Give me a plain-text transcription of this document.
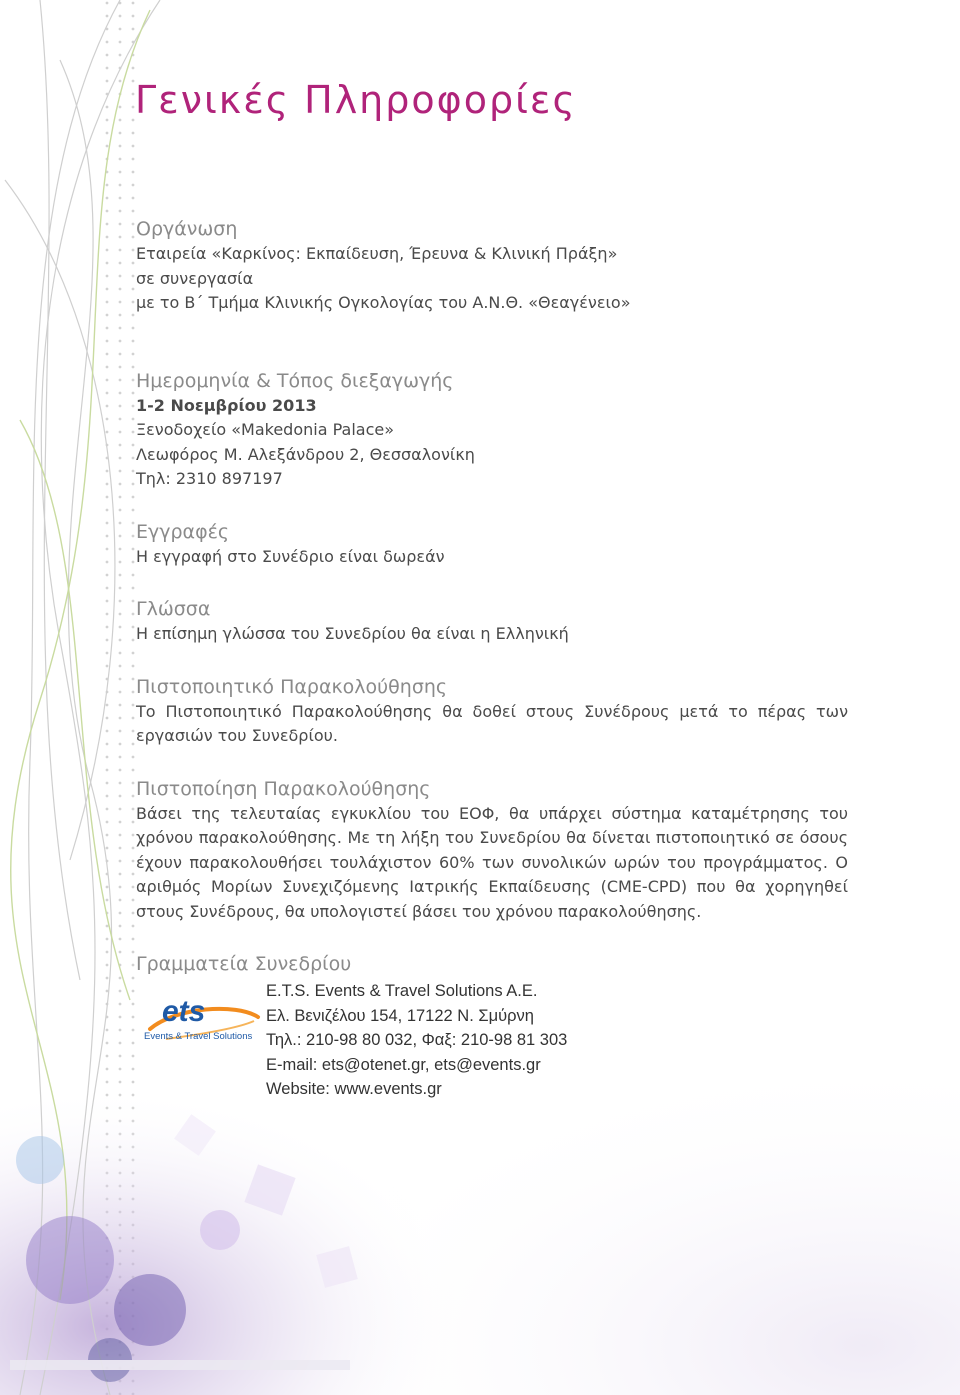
Γενικές Πληροφορίες
Οργάνωση

Εταιρεία «Καρκίνος: Εκπαίδευση, Έρευνα & Κλινική Πράξη»

σε συνεργασία

με το Β΄ Τμήμα Κλινικής Ογκολογίας του Α.Ν.Θ. «Θεαγένειο»

Ημερομηνία & Τόπος διεξαγωγής

1-2 Νοεμβρίου 2013

Ξενοδοχείο «Makedonia Palace»

Λεωφόρος Μ. Αλεξάνδρου 2, Θεσσαλονίκη

Τηλ: 2310 897197

Εγγραφές

Η εγγραφή στο Συνέδριο είναι δωρεάν

Γλώσσα

Η επίσημη γλώσσα του Συνεδρίου θα είναι η Ελληνική

Πιστοποιητικό Παρακολούθησης

Το Πιστοποιητικό Παρακολούθησης θα δοθεί στους Συνέδρους μετά το πέρας των εργασιών του Συνεδρίου.

Πιστοποίηση Παρακολούθησης

Βάσει της τελευταίας εγκυκλίου του ΕΟΦ, θα υπάρχει σύστημα καταμέτρησης του χρόνου παρακολούθησης. Με τη λήξη του Συνεδρίου θα δίνεται πιστοποιητικό σε όσους έχουν παρακολουθήσει τουλάχιστον 60% των συνολικών ωρών του προγράμματος. Ο αριθμός Μορίων Συνεχιζόμενης Ιατρικής Εκπαίδευσης (CME-CPD) που θα χορηγηθεί στους Συνέδρους, θα υπολογιστεί βάσει του χρόνου παρακολούθησης.

Γραμματεία Συνεδρίου
ets
Events & Travel Solutions
E.T.S. Events & Travel Solutions A.E.
Ελ. Βενιζέλου 154, 17122 Ν. Σμύρνη
Τηλ.: 210-98 80 032, Φαξ: 210-98 81 303
E-mail: ets@otenet.gr, ets@events.gr
Website: www.events.gr
